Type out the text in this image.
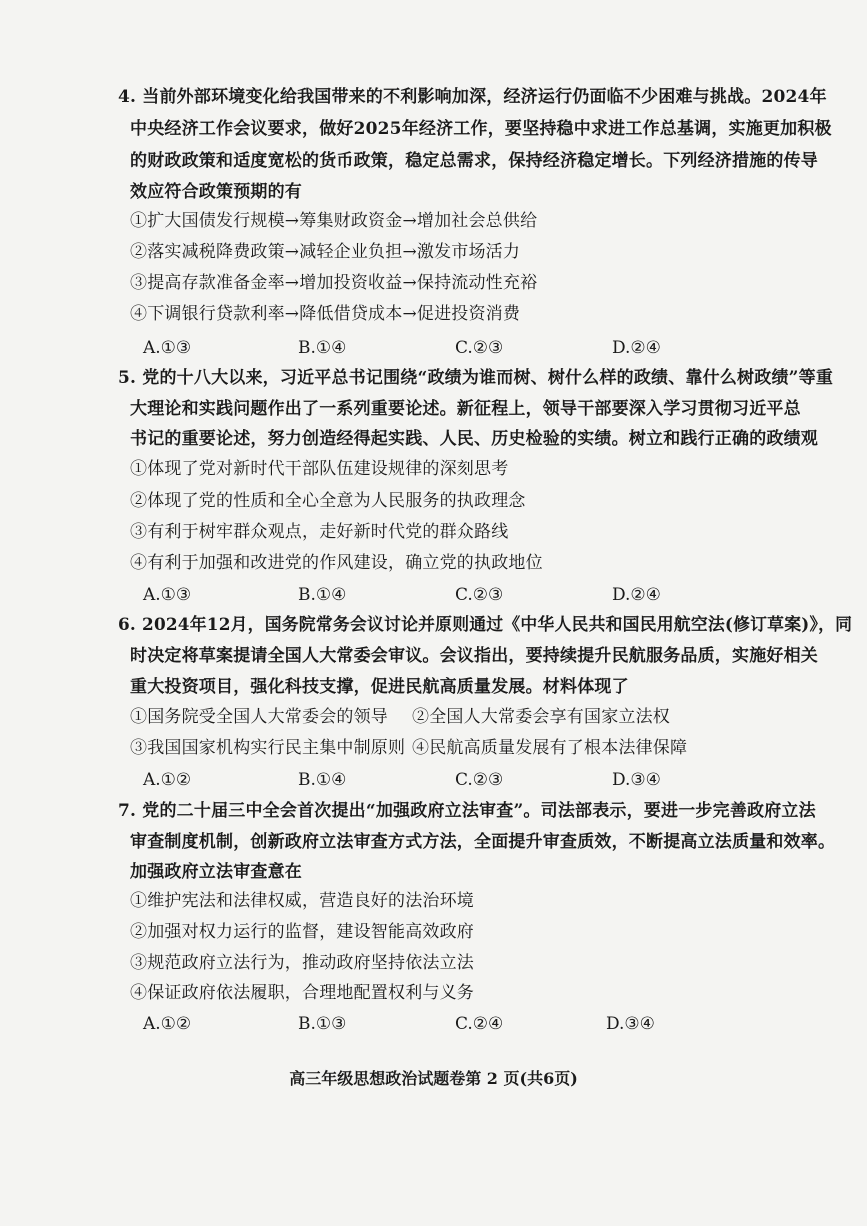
4. 当前外部环境变化给我国带来的不利影响加深，经济运行仍面临不少困难与挑战。2024年
中央经济工作会议要求，做好2025年经济工作，要坚持稳中求进工作总基调，实施更加积极
的财政政策和适度宽松的货币政策，稳定总需求，保持经济稳定增长。下列经济措施的传导
效应符合政策预期的有
①扩大国债发行规模→筹集财政资金→增加社会总供给
②落实减税降费政策→减轻企业负担→激发市场活力
③提高存款准备金率→增加投资收益→保持流动性充裕
④下调银行贷款利率→降低借贷成本→促进投资消费
A.①③	B.①④	C.②③	D.②④
5. 党的十八大以来，习近平总书记围绕“政绩为谁而树、树什么样的政绩、靠什么树政绩”等重
大理论和实践问题作出了一系列重要论述。新征程上，领导干部要深入学习贯彻习近平总
书记的重要论述，努力创造经得起实践、人民、历史检验的实绩。树立和践行正确的政绩观
①体现了党对新时代干部队伍建设规律的深刻思考
②体现了党的性质和全心全意为人民服务的执政理念
③有利于树牢群众观点，走好新时代党的群众路线
④有利于加强和改进党的作风建设，确立党的执政地位
A.①③	B.①④	C.②③	D.②④
6. 2024年12月，国务院常务会议讨论并原则通过《中华人民共和国民用航空法(修订草案)》，同
时决定将草案提请全国人大常委会审议。会议指出，要持续提升民航服务品质，实施好相关
重大投资项目，强化科技支撑，促进民航高质量发展。材料体现了
①国务院受全国人大常委会的领导 ②全国人大常委会享有国家立法权
③我国国家机构实行民主集中制原则 ④民航高质量发展有了根本法律保障
A.①②	B.①④	C.②③	D.③④
7. 党的二十届三中全会首次提出“加强政府立法审查”。司法部表示，要进一步完善政府立法
审查制度机制，创新政府立法审查方式方法，全面提升审查质效，不断提高立法质量和效率。
加强政府立法审查意在
①维护宪法和法律权威，营造良好的法治环境
②加强对权力运行的监督，建设智能高效政府
③规范政府立法行为，推动政府坚持依法立法
④保证政府依法履职，合理地配置权利与义务
A.①②	B.①③	C.②④	D.③④
高三年级思想政治试题卷第 2 页(共6页)
